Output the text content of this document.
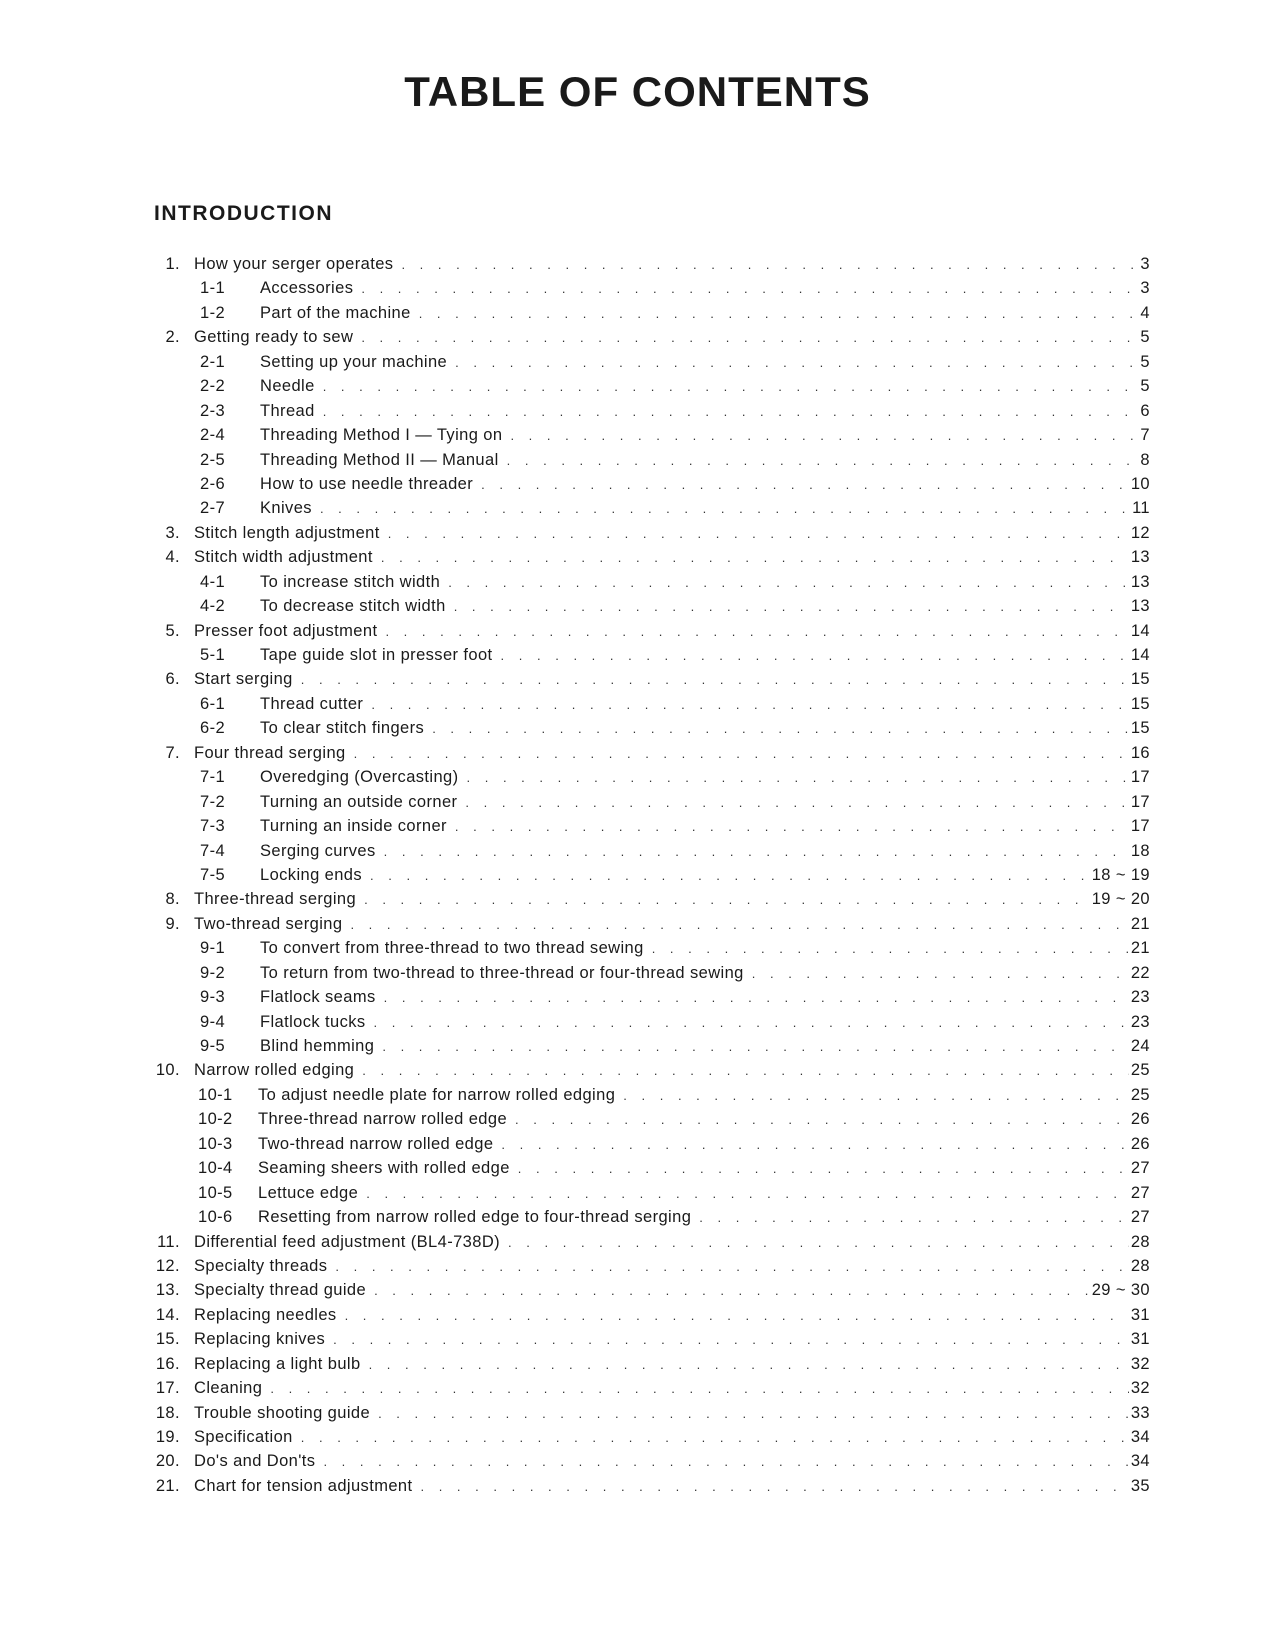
TABLE OF CONTENTS
INTRODUCTION
1. How your serger operates . . .	3
1-1	Accessories . . .	3
1-2	Part of the machine . . .	4
2. Getting ready to sew . . .	5
2-1	Setting up your machine . . .	5
2-2	Needle . . .	5
2-3	Thread . . .	6
2-4	Threading Method I — Tying on . . .	7
2-5	Threading Method II — Manual . . .	8
2-6	How to use needle threader . . .	10
2-7	Knives . . .	11
3. Stitch length adjustment . . .	12
4. Stitch width adjustment . . .	13
4-1	To increase stitch width . . .	13
4-2	To decrease stitch width . . .	13
5. Presser foot adjustment . . .	14
5-1	Tape guide slot in presser foot . . .	14
6. Start serging . . .	15
6-1	Thread cutter . . .	15
6-2	To clear stitch fingers . . .	15
7. Four thread serging . . .	16
7-1	Overedging (Overcasting) . . .	17
7-2	Turning an outside corner . . .	17
7-3	Turning an inside corner . . .	17
7-4	Serging curves . . .	18
7-5	Locking ends . . .	18 ~ 19
8. Three-thread serging . . .	19 ~ 20
9. Two-thread serging . . .	21
9-1	To convert from three-thread to two thread sewing . . .	21
9-2	To return from two-thread to three-thread or four-thread sewing . . .	22
9-3	Flatlock seams . . .	23
9-4	Flatlock tucks . . .	23
9-5	Blind hemming . . .	24
10. Narrow rolled edging . . .	25
10-1	To adjust needle plate for narrow rolled edging . . .	25
10-2	Three-thread narrow rolled edge . . .	26
10-3	Two-thread narrow rolled edge . . .	26
10-4	Seaming sheers with rolled edge . . .	27
10-5	Lettuce edge . . .	27
10-6	Resetting from narrow rolled edge to four-thread serging . . .	27
11. Differential feed adjustment (BL4-738D) . . .	28
12. Specialty threads . . .	28
13. Specialty thread guide . . .	29 ~ 30
14. Replacing needles . . .	31
15. Replacing knives . . .	31
16. Replacing a light bulb . . .	32
17. Cleaning . . .	32
18. Trouble shooting guide . . .	33
19. Specification . . .	34
20. Do's and Don'ts . . .	34
21. Chart for tension adjustment . . .	35
